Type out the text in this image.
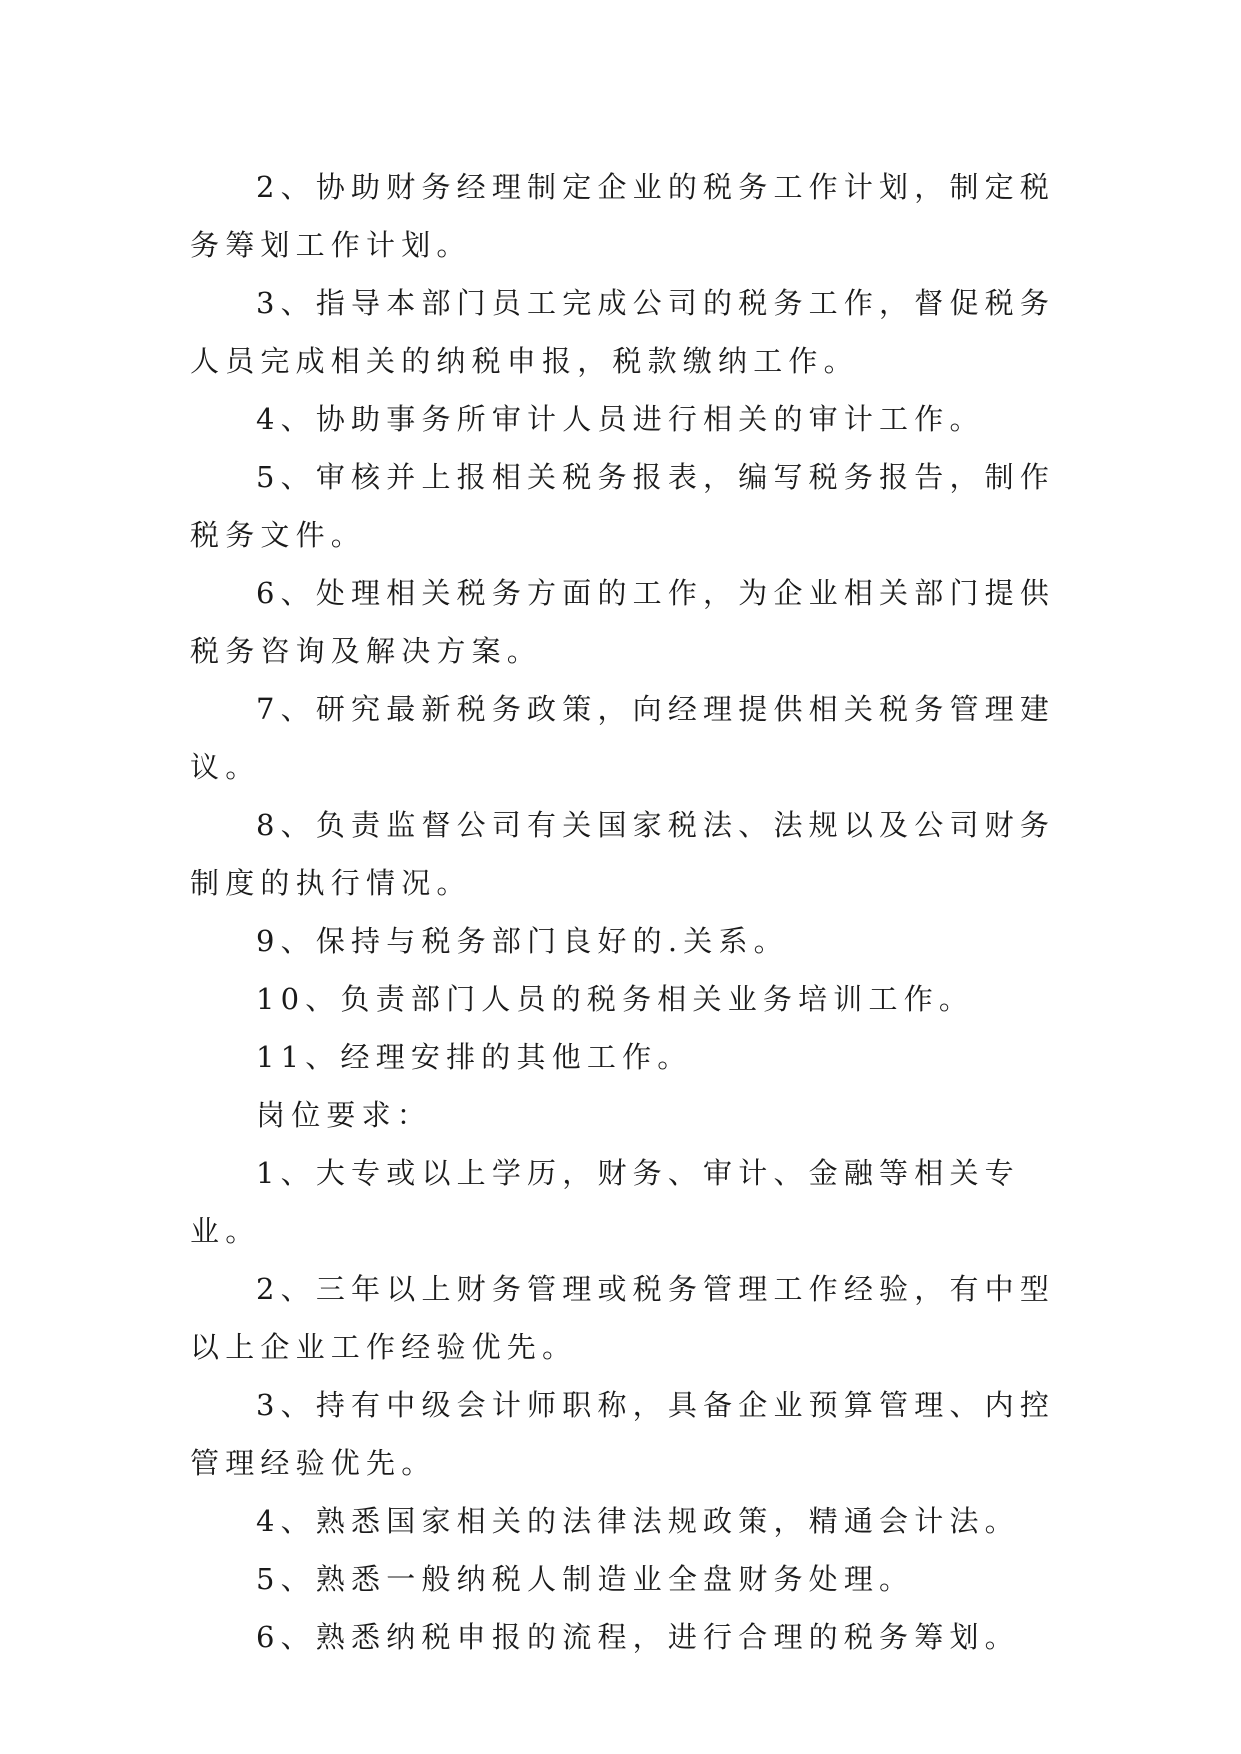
2、协助财务经理制定企业的税务工作计划，制定税务筹划工作计划。

3、指导本部门员工完成公司的税务工作，督促税务人员完成相关的纳税申报，税款缴纳工作。

4、协助事务所审计人员进行相关的审计工作。

5、审核并上报相关税务报表，编写税务报告，制作税务文件。

6、处理相关税务方面的工作，为企业相关部门提供税务咨询及解决方案。

7、研究最新税务政策，向经理提供相关税务管理建议。

8、负责监督公司有关国家税法、法规以及公司财务制度的执行情况。

9、保持与税务部门良好的.关系。

10、负责部门人员的税务相关业务培训工作。

11、经理安排的其他工作。

岗位要求：

1、大专或以上学历，财务、审计、金融等相关专业。

2、三年以上财务管理或税务管理工作经验，有中型以上企业工作经验优先。

3、持有中级会计师职称，具备企业预算管理、内控管理经验优先。

4、熟悉国家相关的法律法规政策，精通会计法。

5、熟悉一般纳税人制造业全盘财务处理。

6、熟悉纳税申报的流程，进行合理的税务筹划。
